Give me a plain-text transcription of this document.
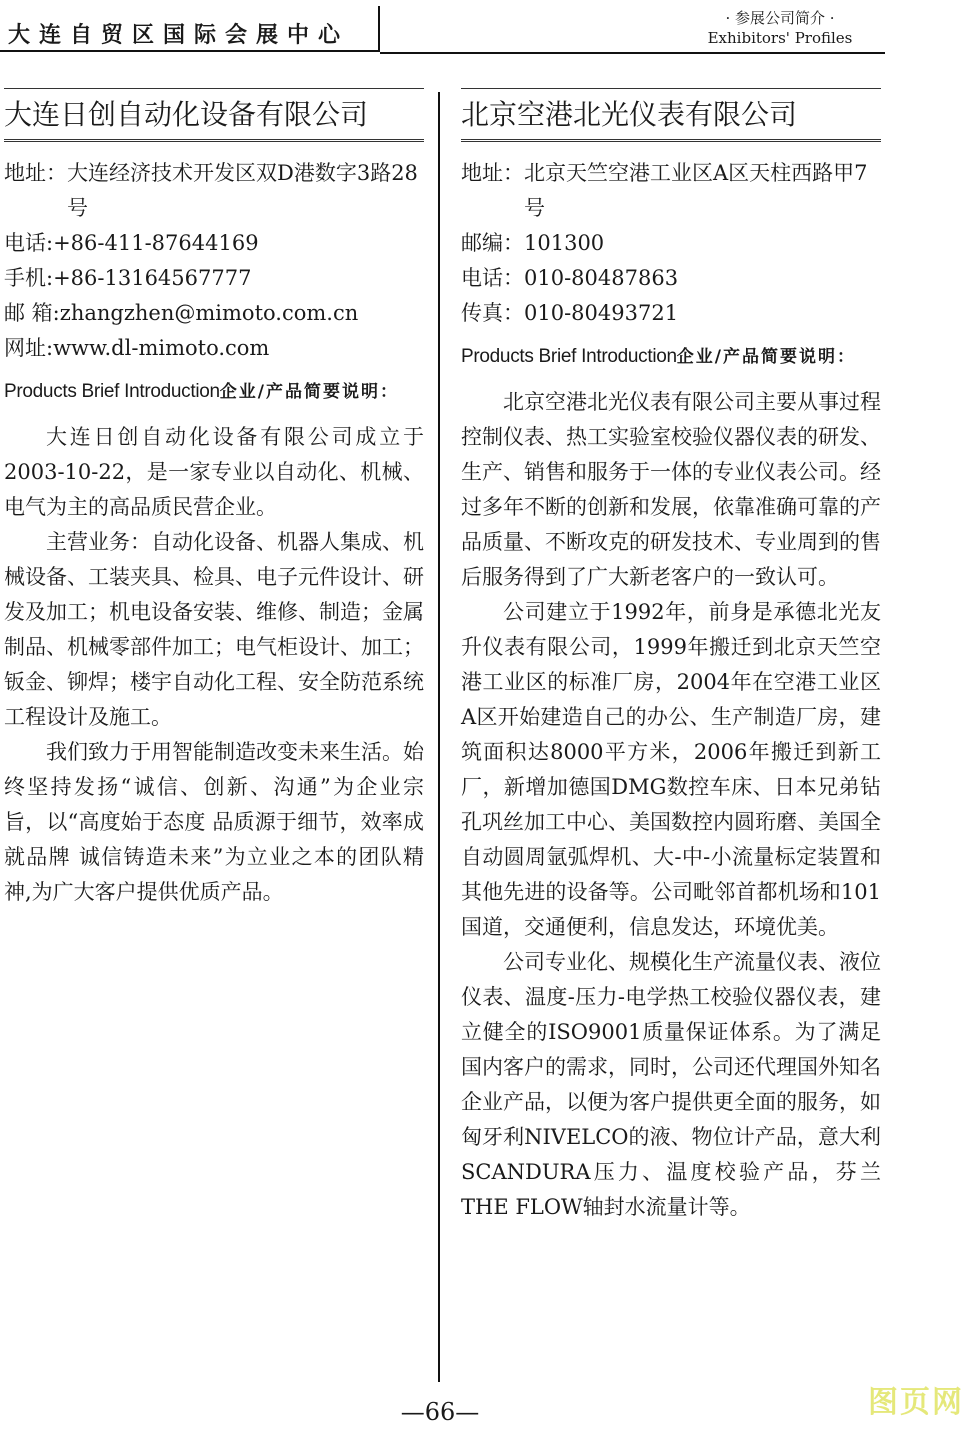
大连自贸区国际会展中心
· 参展公司简介 ·
Exhibitors' Profiles
大连日创自动化设备有限公司
地址： 大连经济技术开发区双D港数字3路28号
电话: +86-411-87644169
手机: +86-13164567777
邮 箱: zhangzhen@mimoto.com.cn
网址: www.dl-mimoto.com
Products Brief Introduction企业/产品简要说明：

大连日创自动化设备有限公司成立于2003-10-22，是一家专业以自动化、机械、电气为主的高品质民营企业。

主营业务：自动化设备、机器人集成、机械设备、工装夹具、检具、电子元件设计、研发及加工；机电设备安装、维修、制造；金属制品、机械零部件加工；电气柜设计、加工；钣金、铆焊；楼宇自动化工程、安全防范系统工程设计及施工。

我们致力于用智能制造改变未来生活。始终坚持发扬“诚信、创新、沟通”为企业宗旨，以“高度始于态度 品质源于细节，效率成就品牌 诚信铸造未来”为立业之本的团队精神,为广大客户提供优质产品。

北京空港北光仪表有限公司
地址： 北京天竺空港工业区A区天柱西路甲7号
邮编： 101300
电话： 010-80487863
传真： 010-80493721
Products Brief Introduction企业/产品简要说明：

北京空港北光仪表有限公司主要从事过程控制仪表、热工实验室校验仪器仪表的研发、生产、销售和服务于一体的专业仪表公司。经过多年不断的创新和发展，依靠准确可靠的产品质量、不断攻克的研发技术、专业周到的售后服务得到了广大新老客户的一致认可。

公司建立于1992年，前身是承德北光友升仪表有限公司，1999年搬迁到北京天竺空港工业区的标准厂房，2004年在空港工业区A区开始建造自己的办公、生产制造厂房，建筑面积达8000平方米，2006年搬迁到新工厂，新增加德国DMG数控车床、日本兄弟钻孔巩丝加工中心、美国数控内圆珩磨、美国全自动圆周氩弧焊机、大-中-小流量标定装置和其他先进的设备等。公司毗邻首都机场和101国道，交通便利，信息发达，环境优美。

公司专业化、规模化生产流量仪表、液位仪表、温度-压力-电学热工校验仪器仪表，建立健全的ISO9001质量保证体系。为了满足国内客户的需求，同时，公司还代理国外知名企业产品，以便为客户提供更全面的服务，如匈牙利NIVELCO的液、物位计产品，意大利SCANDURA压力、温度校验产品，芬兰THE FLOW轴封水流量计等。

—66—	图页网
